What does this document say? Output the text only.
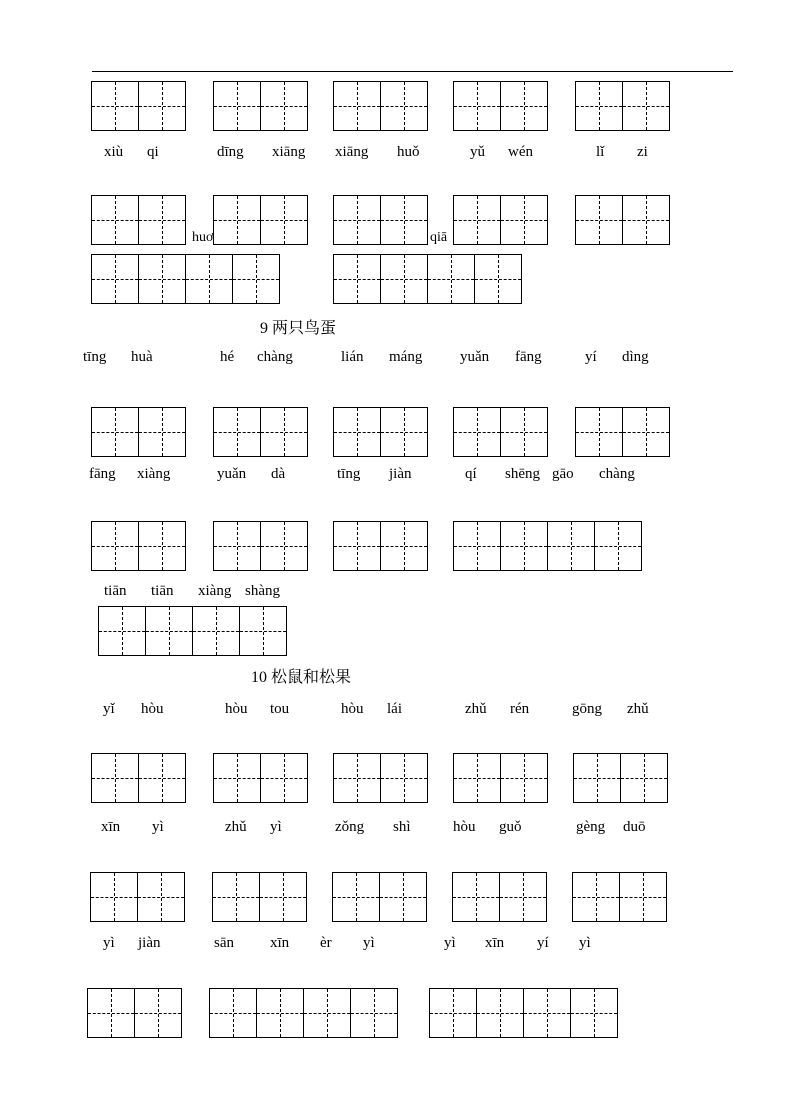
xiù qi	dīng xiāng xiāng huǒ	yǔ wén	lǐ zi
huơ	qiā
9 两只鸟蛋
tīng huà	hé chàng	lián máng	yuǎn fāng	yí dìng
fāng xiàng	yuǎn dà	tīng jiàn	qí shēng gāo chàng
tiān tiān xiàng shàng
10 松鼠和松果
yǐ hòu	hòu tou	hòu lái	zhǔ rén	gōng zhǔ
xīn yì	zhǔ yì	zǒng shì	hòu guǒ	gèng duō
yì jiàn	sān xīn èr yì	yì xīn yí yì
